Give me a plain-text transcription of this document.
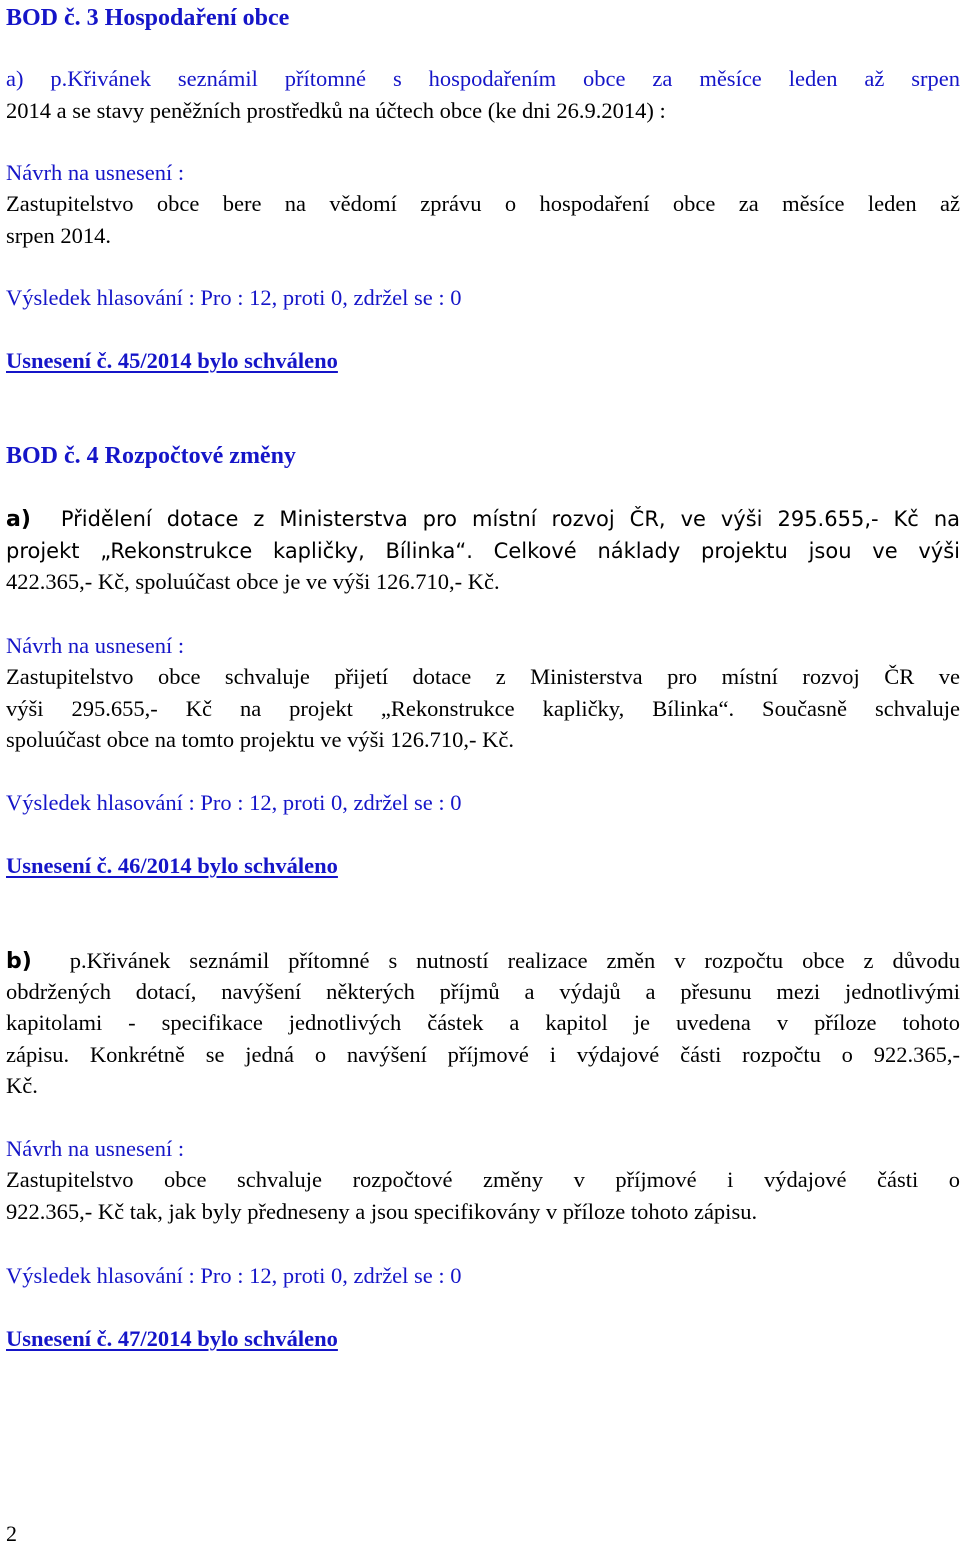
BOD č. 3 Hospodaření obce
a) p.Křivánek seznámil přítomné s hospodařením obce za měsíce leden až srpen
2014 a se stavy peněžních prostředků na účtech obce (ke dni 26.9.2014) :
Návrh na usnesení :
Zastupitelstvo obce bere na vědomí zprávu o hospodaření obce za měsíce leden až
srpen 2014.
Výsledek hlasování : Pro : 12, proti 0, zdržel se : 0
Usnesení č. 45/2014 bylo schváleno
BOD č. 4 Rozpočtové změny
a) Přidělení dotace z Ministerstva pro místní rozvoj ČR, ve výši 295.655,- Kč na
projekt „Rekonstrukce kapličky, Bílinka“. Celkové náklady projektu jsou ve výši
422.365,- Kč, spoluúčast obce je ve výši 126.710,- Kč.
Návrh na usnesení :
Zastupitelstvo obce schvaluje přijetí dotace z Ministerstva pro místní rozvoj ČR ve
výši 295.655,- Kč na projekt „Rekonstrukce kapličky, Bílinka“. Současně schvaluje
spoluúčast obce na tomto projektu ve výši 126.710,- Kč.
Výsledek hlasování : Pro : 12, proti 0, zdržel se : 0
Usnesení č. 46/2014 bylo schváleno
b) p.Křivánek seznámil přítomné s nutností realizace změn v rozpočtu obce z důvodu
obdržených dotací, navýšení některých příjmů a výdajů a přesunu mezi jednotlivými
kapitolami - specifikace jednotlivých částek a kapitol je uvedena v příloze tohoto
zápisu. Konkrétně se jedná o navýšení příjmové i výdajové části rozpočtu o 922.365,-
Kč.
Návrh na usnesení :
Zastupitelstvo obce schvaluje rozpočtové změny v příjmové i výdajové části o
922.365,- Kč tak, jak byly předneseny a jsou specifikovány v příloze tohoto zápisu.
Výsledek hlasování : Pro : 12, proti 0, zdržel se : 0
Usnesení č. 47/2014 bylo schváleno
2
